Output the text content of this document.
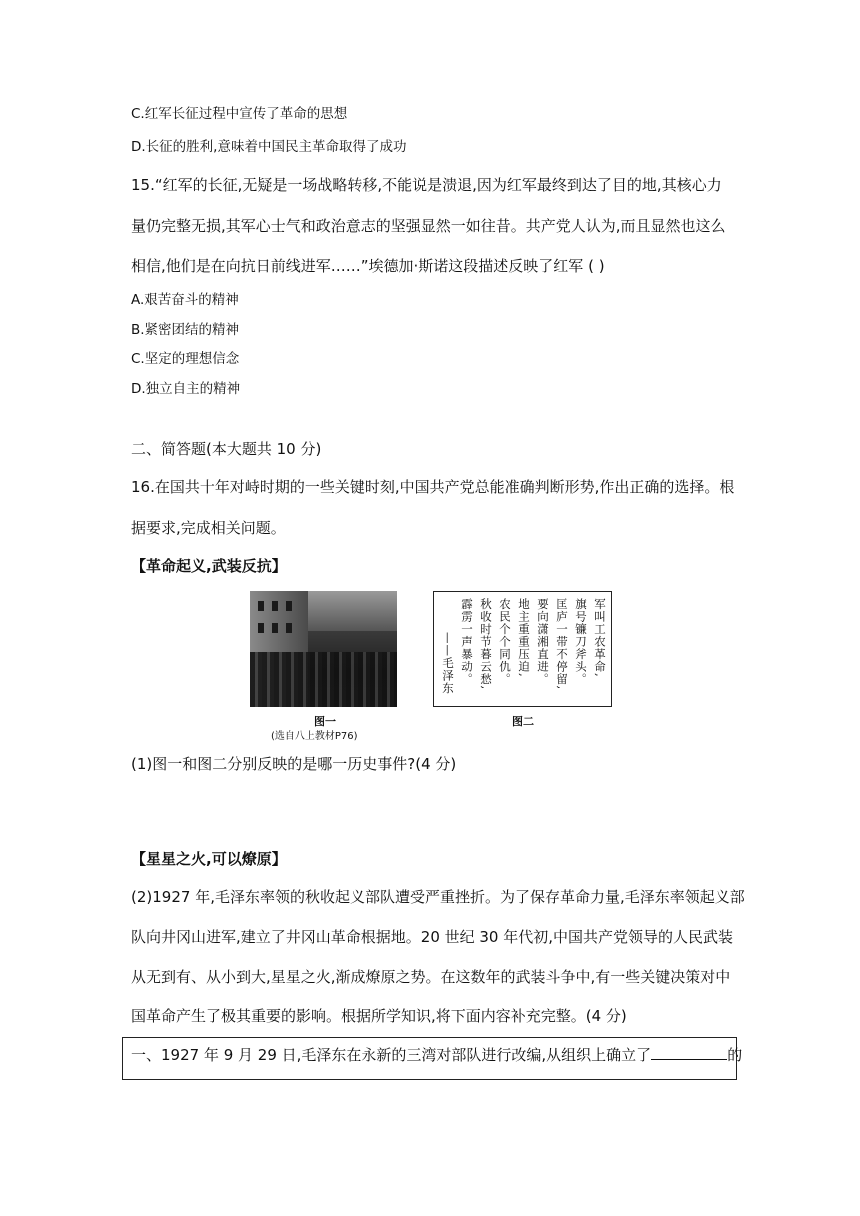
C.红军长征过程中宣传了革命的思想
D.长征的胜利,意味着中国民主革命取得了成功
15.“红军的长征,无疑是一场战略转移,不能说是溃退,因为红军最终到达了目的地,其核心力
量仍完整无损,其军心士气和政治意志的坚强显然一如往昔。共产党人认为,而且显然也这么
相信,他们是在向抗日前线进军……”埃德加·斯诺这段描述反映了红军 ( )
A.艰苦奋斗的精神
B.紧密团结的精神
C.坚定的理想信念
D.独立自主的精神
二、简答题(本大题共 10 分)
16.在国共十年对峙时期的一些关键时刻,中国共产党总能准确判断形势,作出正确的选择。根
据要求,完成相关问题。
【革命起义,武装反抗】
图一
(选自八上教材P76)
军叫工农革命,
旗号镰刀斧头。
匡庐一带不停留,
要向潇湘直进。
地主重重压迫,
农民个个同仇。
秋收时节暮云愁,
霹雳一声暴动。
——毛泽东
图二
(1)图一和图二分别反映的是哪一历史事件?(4 分)
【星星之火,可以燎原】
(2)1927 年,毛泽东率领的秋收起义部队遭受严重挫折。为了保存革命力量,毛泽东率领起义部
队向井冈山进军,建立了井冈山革命根据地。20 世纪 30 年代初,中国共产党领导的人民武装
从无到有、从小到大,星星之火,渐成燎原之势。在这数年的武装斗争中,有一些关键决策对中
国革命产生了极其重要的影响。根据所学知识,将下面内容补充完整。(4 分)
一、1927 年 9 月 29 日,毛泽东在永新的三湾对部队进行改编,从组织上确立了	的
